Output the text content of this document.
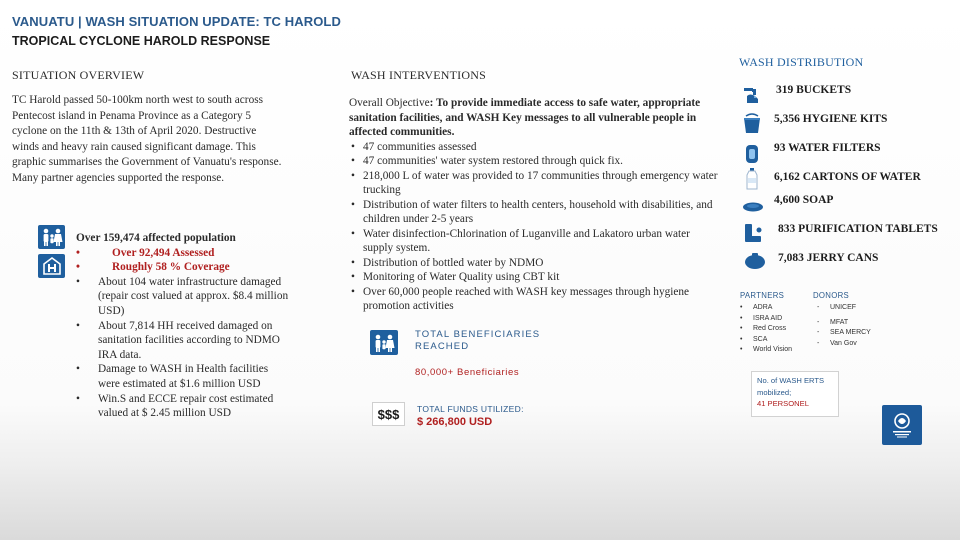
VANUATU | WASH SITUATION UPDATE: TC HAROLD
TROPICAL CYCLONE HAROLD RESPONSE
SITUATION OVERVIEW
TC Harold passed 50-100km north west to south across Pentecost island in Penama Province as a Category 5 cyclone on the 11th & 13th of April 2020. Destructive winds and heavy rain caused significant damage. This graphic summarises the Government of Vanuatu's response. Many partner agencies supported the response.
Over 159,474 affected population
• Over 92,494 Assessed
• Roughly 58 % Coverage
• About 104 water infrastructure damaged (repair cost valued at approx. $8.4 million USD)
• About 7,814 HH received damaged on sanitation facilities according to NDMO IRA data.
• Damage to WASH in Health facilities were estimated at $1.6 million USD
• Win.S and ECCE repair cost estimated valued at $ 2.45 million USD
WASH INTERVENTIONS
Overall Objective: To provide immediate access to safe water, appropriate sanitation facilities, and WASH Key messages to all vulnerable people in affected communities.
• 47 communities assessed
• 47 communities' water system restored through quick fix.
• 218,000 L of water was provided to 17 communities through emergency water trucking
• Distribution of water filters to health centers, household with disabilities, and children under 2-5 years
• Water disinfection-Chlorination of Luganville and Lakatoro urban water supply system.
• Distribution of bottled water by NDMO
• Monitoring of Water Quality using CBT kit
• Over 60,000 people reached with WASH key messages through hygiene promotion activities
TOTAL BENEFICIARIES REACHED
80,000+ Beneficiaries
$$$	TOTAL FUNDS UTILIZED:
$ 266,800 USD
WASH DISTRIBUTION
319 BUCKETS
5,356 HYGIENE KITS
93 WATER FILTERS
6,162 CARTONS OF WATER
4,600 SOAP
833 PURIFICATION TABLETS
7,083 JERRY CANS
PARTNERS
• ADRA
• ISRA AID
• Red Cross
• SCA
• World Vision
DONORS
- UNICEF
- MFAT
- SEA MERCY
- Van Gov
No. of WASH ERTS mobilized;
41 PERSONEL
